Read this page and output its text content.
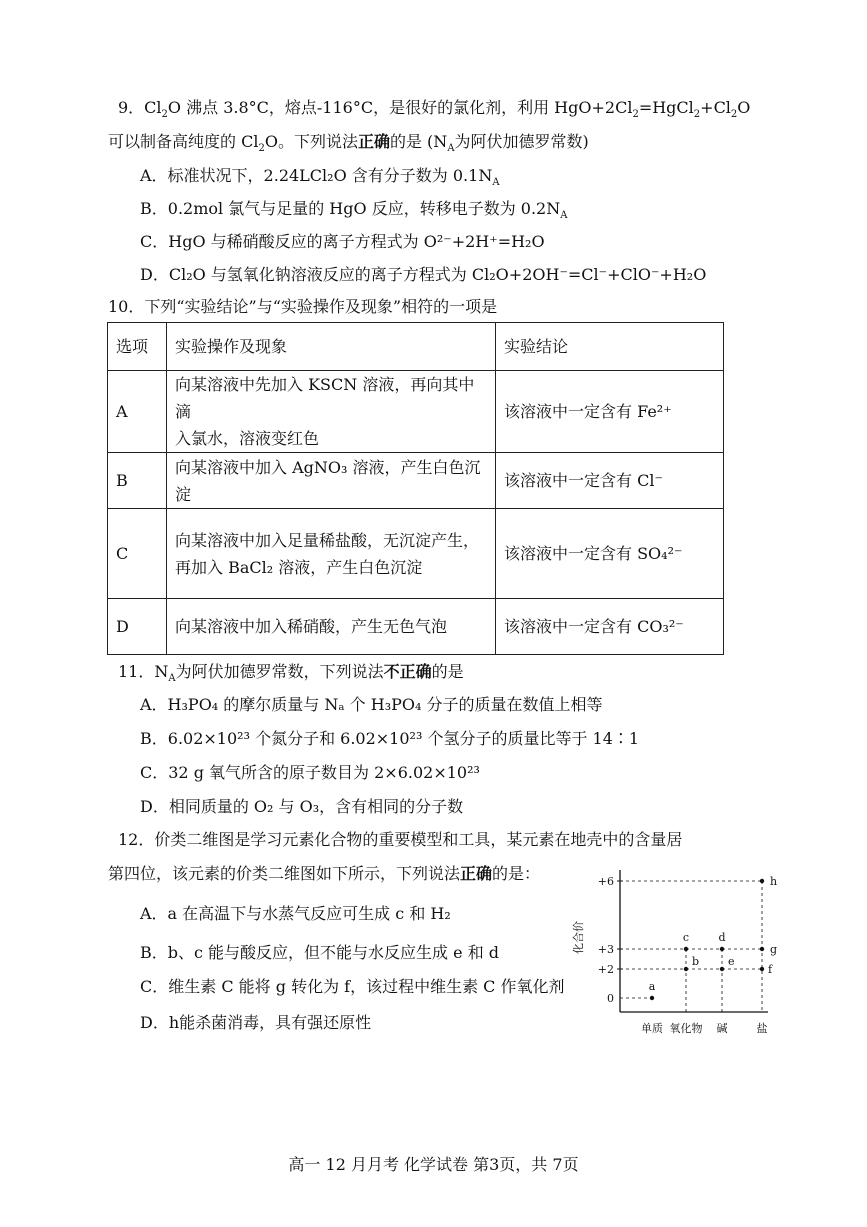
9．$Cl_2O$ 沸点 3.8°C，熔点-116°C，是很好的氯化剂，利用 $HgO+2Cl_2=HgCl_2+Cl_2O$
可以制备高纯度的 $Cl_2O$。下列说法正确的是 ($N_A$为阿伏加德罗常数)
A．标准状况下，2.24LCl₂O 含有分子数为 $0.1N_A$
B．0.2mol 氯气与足量的 HgO 反应，转移电子数为 $0.2N_A$
C．HgO 与稀硝酸反应的离子方程式为 O²⁻+2H⁺=H₂O
D．Cl₂O 与氢氧化钠溶液反应的离子方程式为 Cl₂O+2OH⁻=Cl⁻+ClO⁻+H₂O
10．下列“实验结论”与“实验操作及现象”相符的一项是
选项	实验操作及现象	实验结论
A	向某溶液中先加入 KSCN 溶液，再向其中滴
入氯水，溶液变红色	该溶液中一定含有 Fe²⁺
B	向某溶液中加入 AgNO₃ 溶液，产生白色沉淀	该溶液中一定含有 Cl⁻
C	向某溶液中加入足量稀盐酸，无沉淀产生，
再加入 BaCl₂ 溶液，产生白色沉淀	该溶液中一定含有 SO₄²⁻
D	向某溶液中加入稀硝酸，产生无色气泡	该溶液中一定含有 CO₃²⁻
11．$N_A$为阿伏加德罗常数，下列说法不正确的是
A．H₃PO₄ 的摩尔质量与 Nₐ 个 H₃PO₄ 分子的质量在数值上相等
B．6.02×10²³ 个氮分子和 6.02×10²³ 个氢分子的质量比等于 14∶1
C．32 g 氧气所含的原子数目为 2×6.02×10²³
D．相同质量的 O₂ 与 O₃，含有相同的分子数
12．价类二维图是学习元素化合物的重要模型和工具，某元素在地壳中的含量居
第四位，该元素的价类二维图如下所示，下列说法正确的是：
A．a 在高温下与水蒸气反应可生成 c 和 H₂
B．b、c 能与酸反应，但不能与水反应生成 e 和 d
C．维生素 C 能将 g 转化为 f，该过程中维生素 C 作氧化剂
D．h能杀菌消毒，具有强还原性
0
+2
+3
+6
单质 氧化物 碱	盐
a
b
c	d
e
f
g
h
化合价
高一 12 月月考 化学试卷 第3页，共 7页
